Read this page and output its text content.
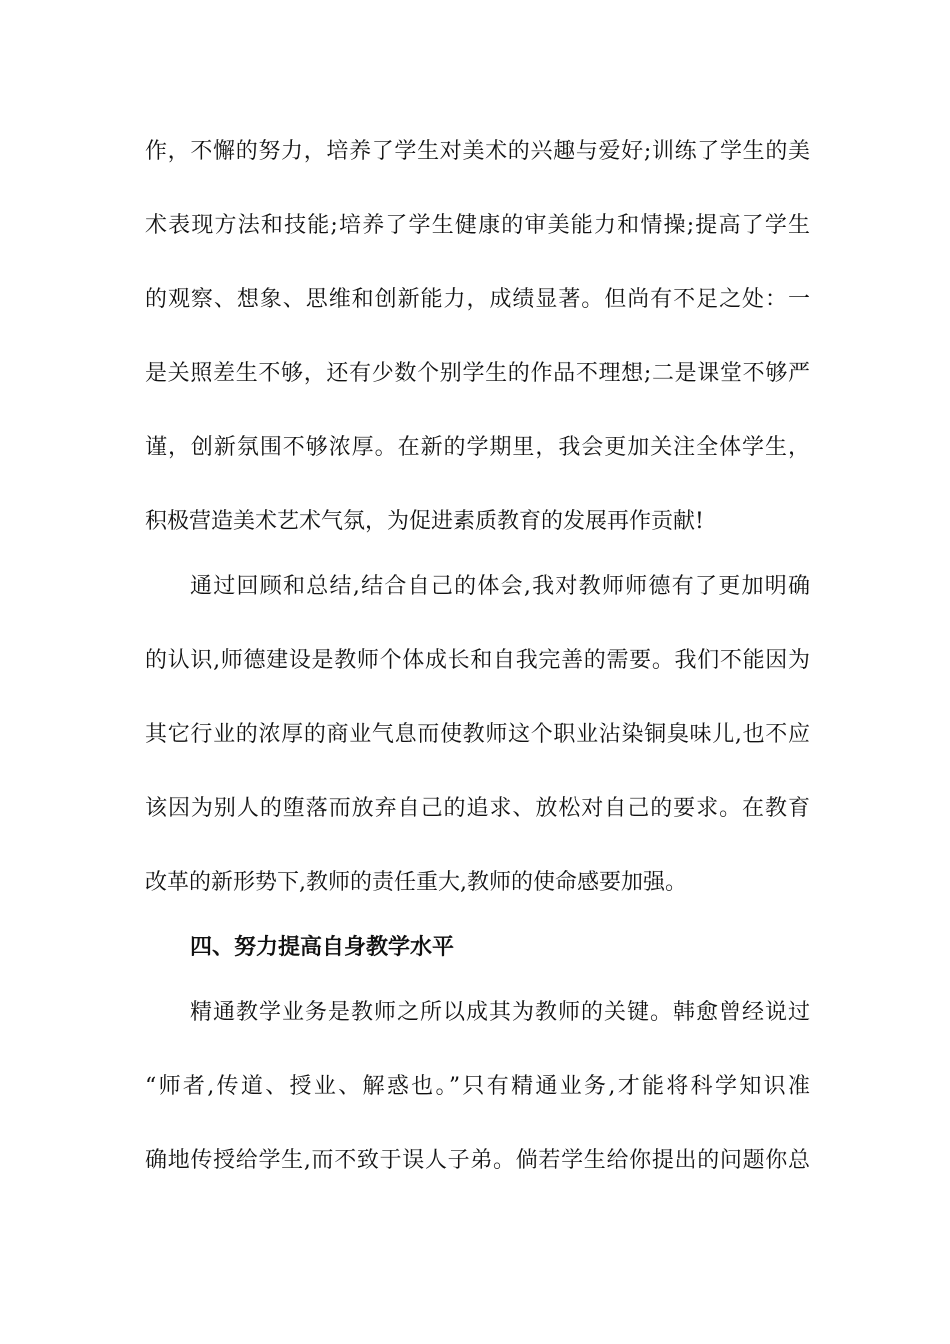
作，不懈的努力，培养了学生对美术的兴趣与爱好;训练了学生的美
术表现方法和技能;培养了学生健康的审美能力和情操;提高了学生
的观察、想象、思维和创新能力，成绩显著。但尚有不足之处：一
是关照差生不够，还有少数个别学生的作品不理想;二是课堂不够严
谨，创新氛围不够浓厚。在新的学期里，我会更加关注全体学生，
积极营造美术艺术气氛，为促进素质教育的发展再作贡献!
通过回顾和总结,结合自己的体会,我对教师师德有了更加明确
的认识,师德建设是教师个体成长和自我完善的需要。我们不能因为
其它行业的浓厚的商业气息而使教师这个职业沾染铜臭味儿,也不应
该因为别人的堕落而放弃自己的追求、放松对自己的要求。在教育
改革的新形势下,教师的责任重大,教师的使命感要加强。
四、努力提高自身教学水平
精通教学业务是教师之所以成其为教师的关键。韩愈曾经说过
“师者,传道、授业、解惑也。”只有精通业务,才能将科学知识准
确地传授给学生,而不致于误人子弟。倘若学生给你提出的问题你总
